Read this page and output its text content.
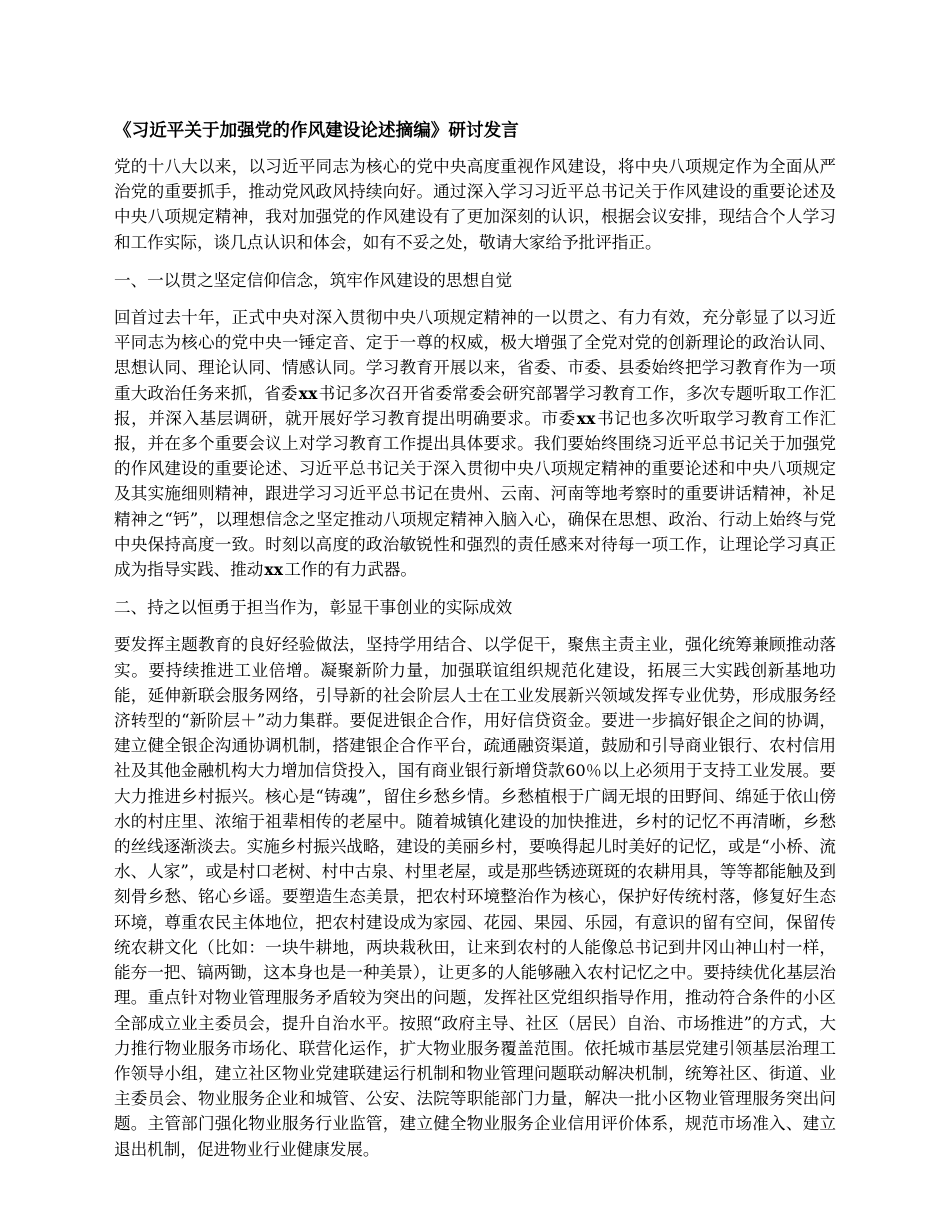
《习近平关于加强党的作风建设论述摘编》研讨发言

党的十八大以来，以习近平同志为核心的党中央高度重视作风建设，将中央八项规定作为全面从严治党的重要抓手，推动党风政风持续向好。通过深入学习习近平总书记关于作风建设的重要论述及中央八项规定精神，我对加强党的作风建设有了更加深刻的认识，根据会议安排，现结合个人学习和工作实际，谈几点认识和体会，如有不妥之处，敬请大家给予批评指正。

一、一以贯之坚定信仰信念，筑牢作风建设的思想自觉

回首过去十年，正式中央对深入贯彻中央八项规定精神的一以贯之、有力有效，充分彰显了以习近平同志为核心的党中央一锤定音、定于一尊的权威，极大增强了全党对党的创新理论的政治认同、思想认同、理论认同、情感认同。学习教育开展以来，省委、市委、县委始终把学习教育作为一项重大政治任务来抓，省委xx书记多次召开省委常委会研究部署学习教育工作，多次专题听取工作汇报，并深入基层调研，就开展好学习教育提出明确要求。市委xx书记也多次听取学习教育工作汇报，并在多个重要会议上对学习教育工作提出具体要求。我们要始终围绕习近平总书记关于加强党的作风建设的重要论述、习近平总书记关于深入贯彻中央八项规定精神的重要论述和中央八项规定及其实施细则精神，跟进学习习近平总书记在贵州、云南、河南等地考察时的重要讲话精神，补足精神之“钙”，以理想信念之坚定推动八项规定精神入脑入心，确保在思想、政治、行动上始终与党中央保持高度一致。时刻以高度的政治敏锐性和强烈的责任感来对待每一项工作，让理论学习真正成为指导实践、推动xx工作的有力武器。

二、持之以恒勇于担当作为，彰显干事创业的实际成效

要发挥主题教育的良好经验做法，坚持学用结合、以学促干，聚焦主责主业，强化统筹兼顾推动落实。要持续推进工业倍增。凝聚新阶力量，加强联谊组织规范化建设，拓展三大实践创新基地功能，延伸新联会服务网络，引导新的社会阶层人士在工业发展新兴领域发挥专业优势，形成服务经济转型的“新阶层＋”动力集群。要促进银企合作，用好信贷资金。要进一步搞好银企之间的协调，建立健全银企沟通协调机制，搭建银企合作平台，疏通融资渠道，鼓励和引导商业银行、农村信用社及其他金融机构大力增加信贷投入，国有商业银行新增贷款60％以上必须用于支持工业发展。要大力推进乡村振兴。核心是“铸魂”，留住乡愁乡情。乡愁植根于广阔无垠的田野间、绵延于依山傍水的村庄里、浓缩于祖辈相传的老屋中。随着城镇化建设的加快推进，乡村的记忆不再清晰，乡愁的丝线逐渐淡去。实施乡村振兴战略，建设的美丽乡村，要唤得起儿时美好的记忆，或是“小桥、流水、人家”，或是村口老树、村中古泉、村里老屋，或是那些锈迹斑斑的农耕用具，等等都能触及到刻骨乡愁、铭心乡谣。要塑造生态美景，把农村环境整治作为核心，保护好传统村落，修复好生态环境，尊重农民主体地位，把农村建设成为家园、花园、果园、乐园，有意识的留有空间，保留传统农耕文化（比如：一块牛耕地，两块栽秋田，让来到农村的人能像总书记到井冈山神山村一样，能夯一把、镐两锄，这本身也是一种美景），让更多的人能够融入农村记忆之中。要持续优化基层治理。重点针对物业管理服务矛盾较为突出的问题，发挥社区党组织指导作用，推动符合条件的小区全部成立业主委员会，提升自治水平。按照“政府主导、社区（居民）自治、市场推进”的方式，大力推行物业服务市场化、联营化运作，扩大物业服务覆盖范围。依托城市基层党建引领基层治理工作领导小组，建立社区物业党建联建运行机制和物业管理问题联动解决机制，统筹社区、街道、业主委员会、物业服务企业和城管、公安、法院等职能部门力量，解决一批小区物业管理服务突出问题。主管部门强化物业服务行业监管，建立健全物业服务企业信用评价体系，规范市场准入、建立退出机制，促进物业行业健康发展。
